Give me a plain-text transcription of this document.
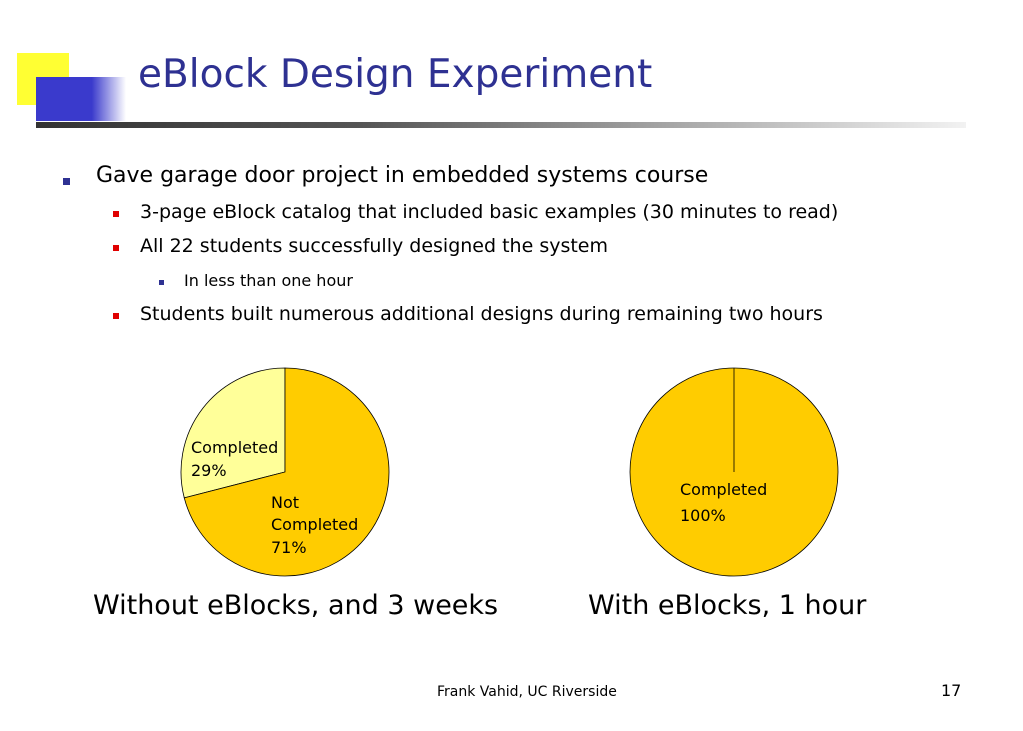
eBlock Design Experiment
Gave garage door project in embedded systems course
3-page eBlock catalog that included basic examples (30 minutes to read)
All 22 students successfully designed the system
In less than one hour
Students built numerous additional designs during remaining two hours
Completed
29%
Not Completed
71%
Completed
100%
Without eBlocks, and 3 weeks	With eBlocks, 1 hour
Frank Vahid, UC Riverside	17
